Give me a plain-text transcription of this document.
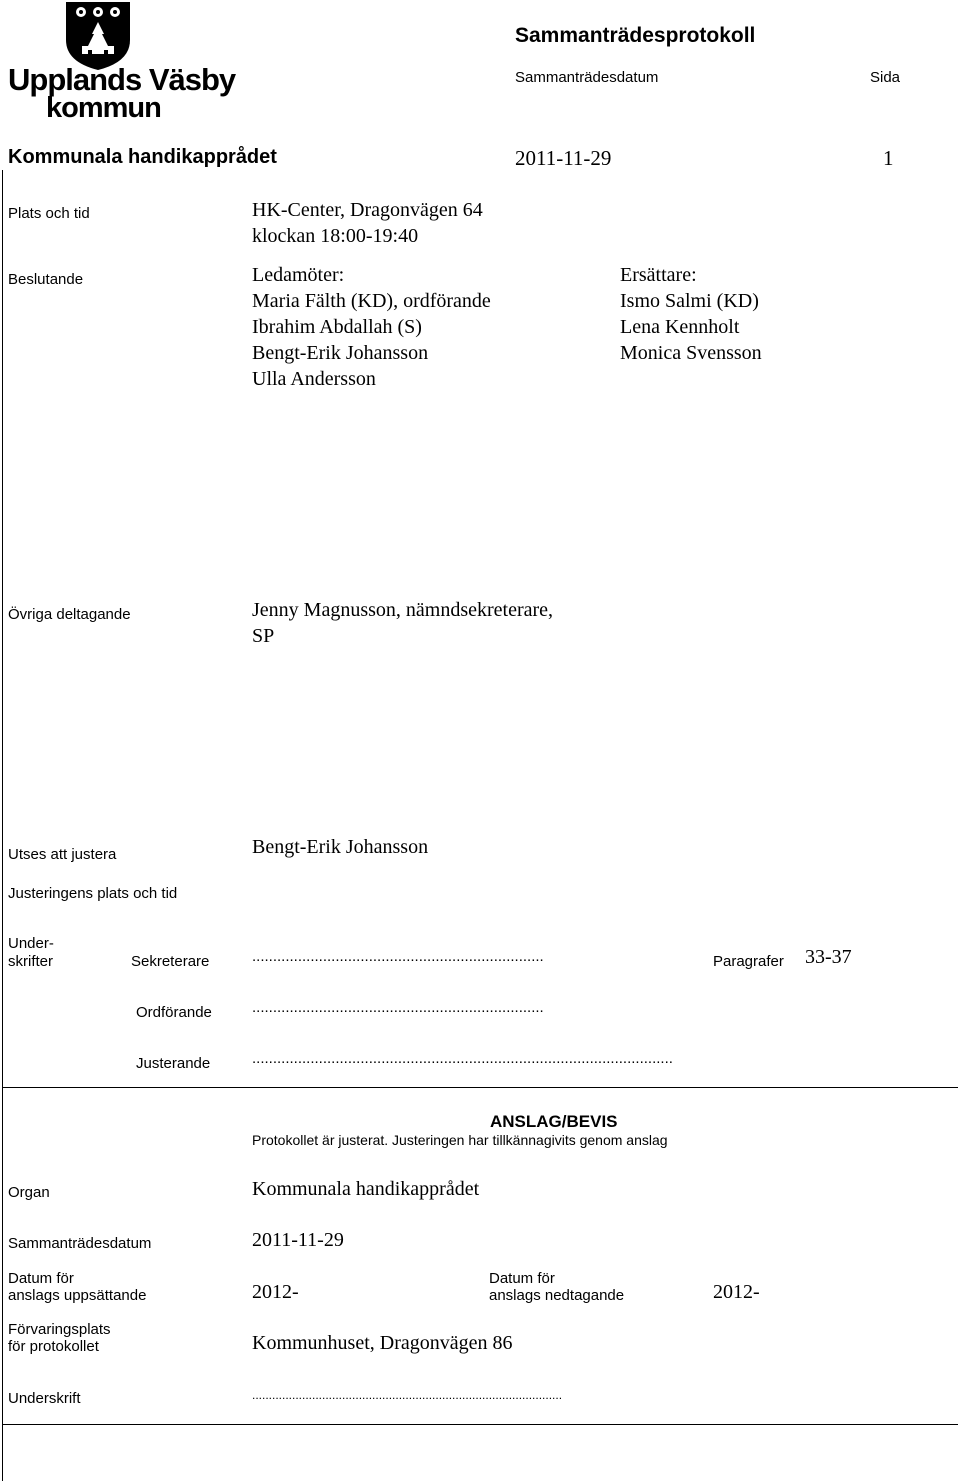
Upplands Väsby
kommun
Sammanträdesprotokoll
Sammanträdesdatum	Sida
Kommunala handikapprådet	2011-11-29	1
Plats och tid	HK-Center, Dragonvägen 64
klockan 18:00-19:40
Beslutande	Ledamöter:
Maria Fälth (KD), ordförande
Ibrahim Abdallah (S)
Bengt-Erik Johansson
Ulla Andersson
Ersättare:
Ismo Salmi (KD)
Lena Kennholt
Monica Svensson
Övriga deltagande	Jenny Magnusson, nämndsekreterare,
SP
Utses att justera	Bengt-Erik Johansson
Justeringens plats och tid
Under-
skrifter	Sekreterare	......................................................................	Paragrafer 33-37
Ordförande	......................................................................
Justerande	.....................................................................................................
ANSLAG/BEVIS
Protokollet är justerat. Justeringen har tillkännagivits genom anslag
Organ	Kommunala handikapprådet
Sammanträdesdatum	2011-11-29
Datum för
anslags uppsättande	2012-
Datum för
anslags nedtagande	2012-
Förvaringsplats
för protokollet	Kommunhuset, Dragonvägen 86
Underskrift	.............................................................................................
